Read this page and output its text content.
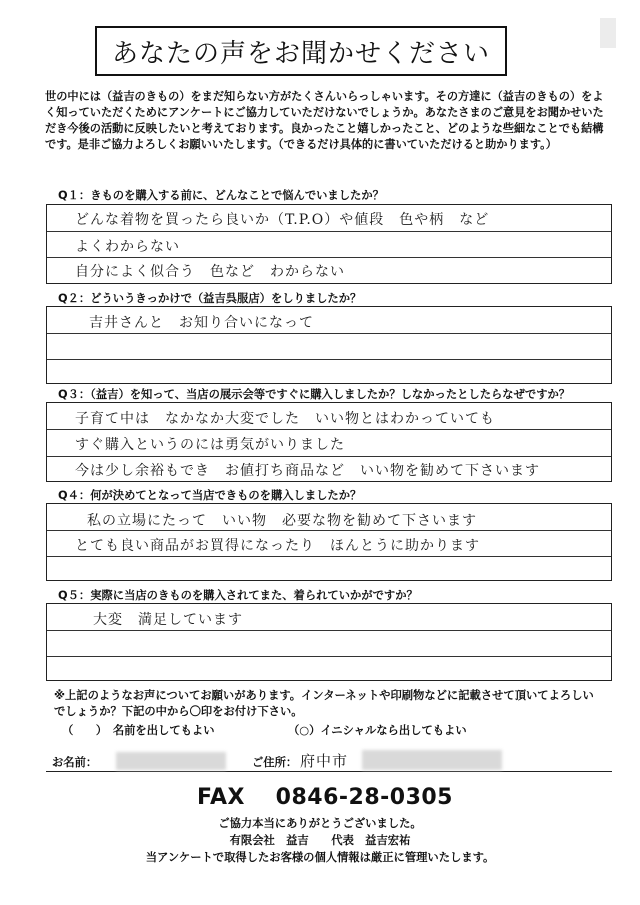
あなたの声をお聞かせください
世の中には（益吉のきもの）をまだ知らない方がたくさんいらっしゃいます。その方達に（益吉のきもの）をよく知っていただくためにアンケートにご協力していただけないでしょうか。あなたさまのご意見をお聞かせいただき今後の活動に反映したいと考えております。良かったこと嬉しかったこと、どのような些細なことでも結構です。是非ご協力よろしくお願いいたします。（できるだけ具体的に書いていただけると助かります。）
Q１：きものを購入する前に、どんなことで悩んでいましたか？
どんな着物を買ったら良いか（T.P.O）や値段　色や柄　など
よくわからない
自分によく似合う　色など　わからない
Q２：どういうきっかけで（益吉呉服店）をしりましたか？
吉井さんと　お知り合いになって
Q３：（益吉）を知って、当店の展示会等ですぐに購入しましたか？しなかったとしたらなぜですか？
子育て中は　なかなか大変でした　いい物とはわかっていても
すぐ購入というのには勇気がいりました
今は少し余裕もでき　お値打ち商品など　いい物を勧めて下さいます
Q４：何が決めてとなって当店できものを購入しましたか？
私の立場にたって　いい物　必要な物を勧めて下さいます
とても良い商品がお買得になったり　ほんとうに助かります
Q５：実際に当店のきものを購入されてまた、着られていかがですか？
大変　満足しています
※上記のようなお声についてお願いがあります。インターネットや印刷物などに記載させて頂いてよろしいでしょうか？下記の中から〇印をお付け下さい。
（　　）　名前を出してもよい	（○）イニシャルなら出してもよい
お名前：	ご住所： 府中市
FAX　 0846-28-0305
ご協力本当にありがとうございました。
有限会社　益吉　　代表　益吉宏祐
当アンケートで取得したお客様の個人情報は厳正に管理いたします。
